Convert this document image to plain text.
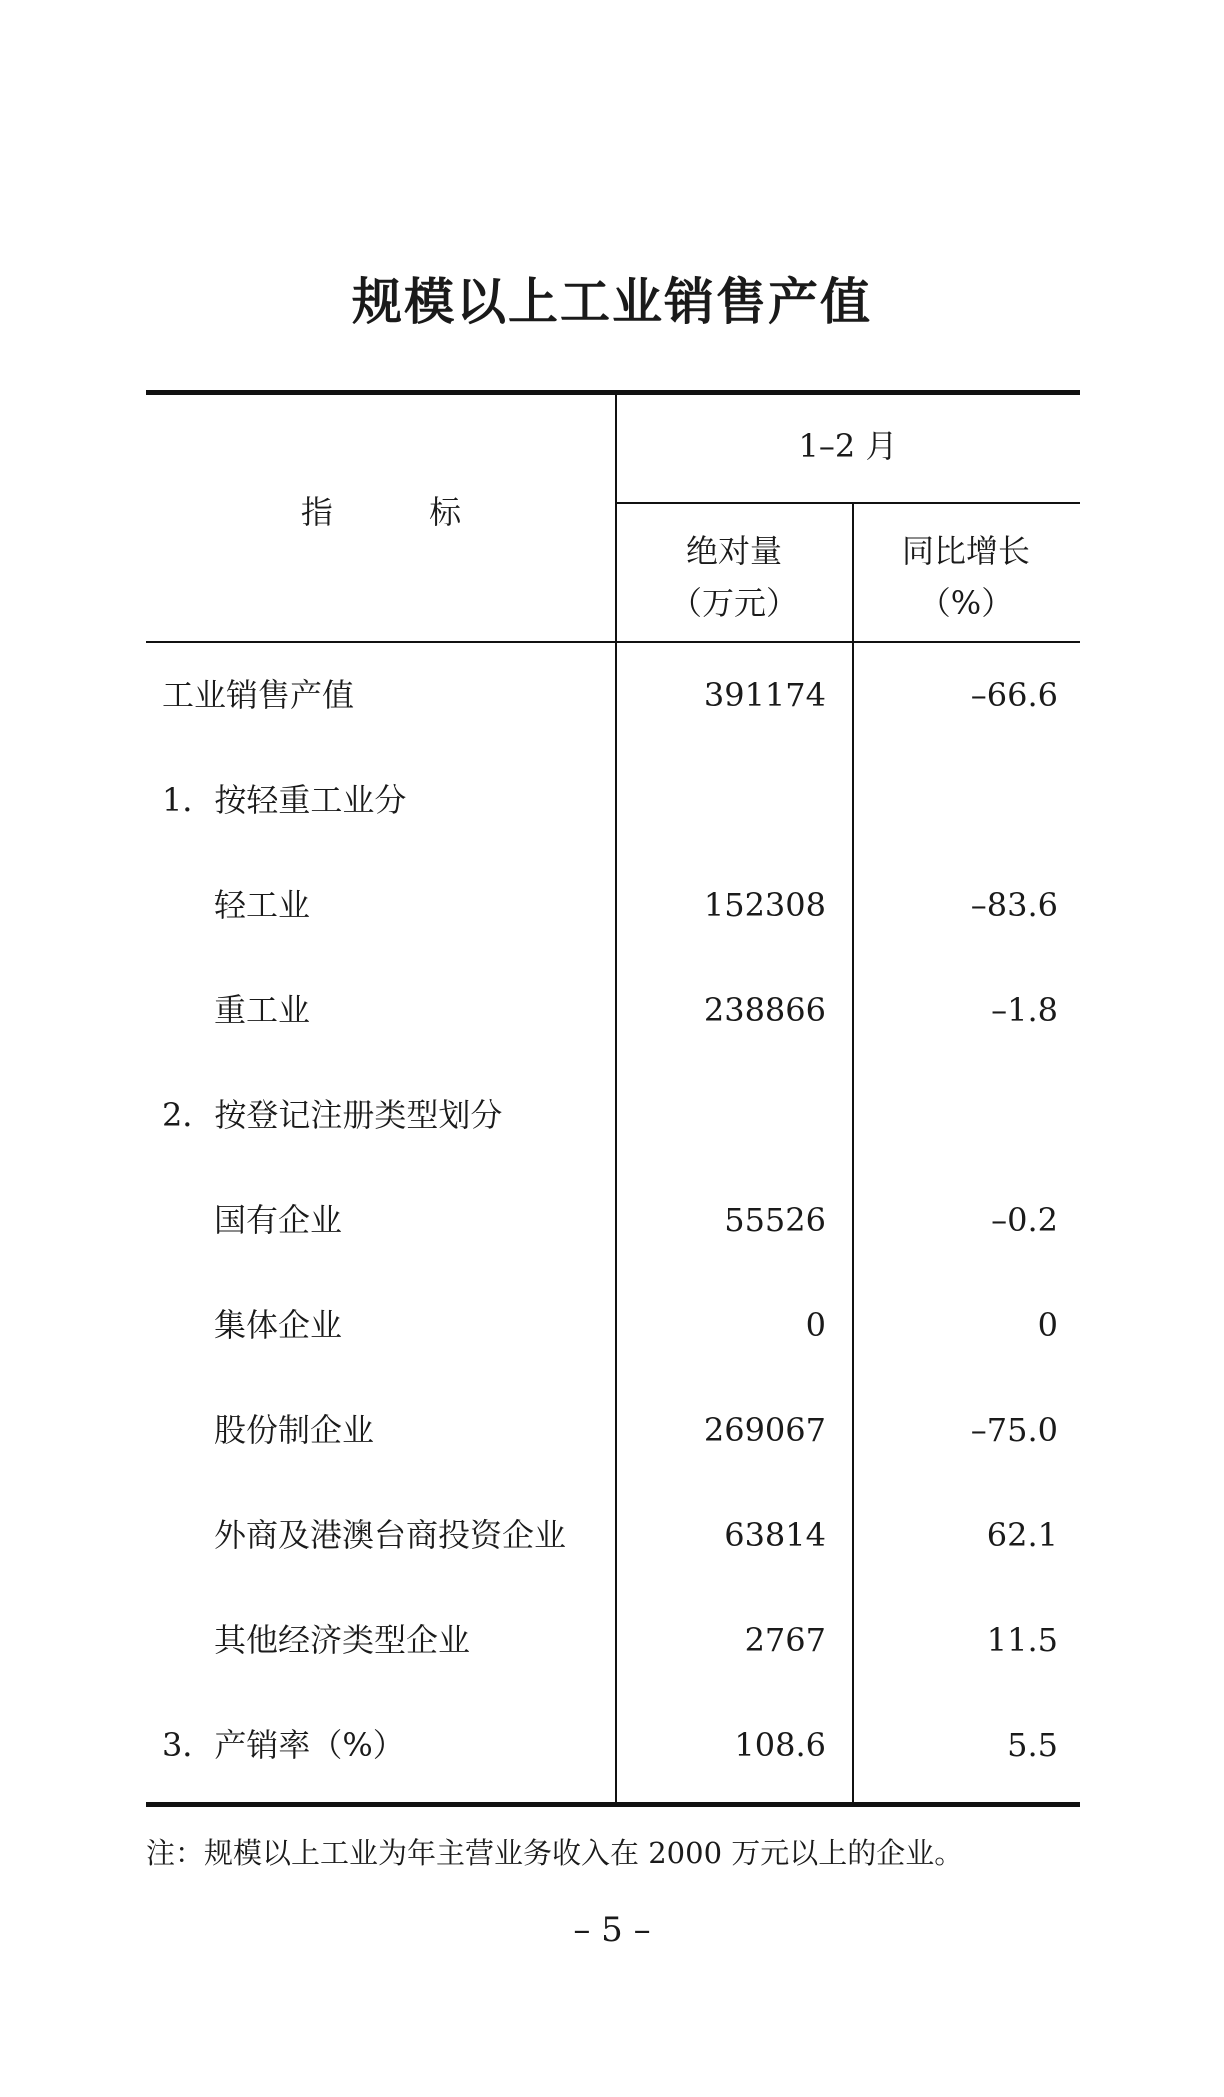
规模以上工业销售产值
指	标
1–2 月
绝对量
（万元）
同比增长
（%）
工业销售产值	391174	–66.6
1．按轻重工业分
轻工业	152308	–83.6
重工业	238866	–1.8
2．按登记注册类型划分
国有企业	55526	–0.2
集体企业	0	0
股份制企业	269067	–75.0
外商及港澳台商投资企业	63814	62.1
其他经济类型企业	2767	11.5
3．产销率（%）	108.6	5.5
注：规模以上工业为年主营业务收入在 2000 万元以上的企业。
– 5 –
